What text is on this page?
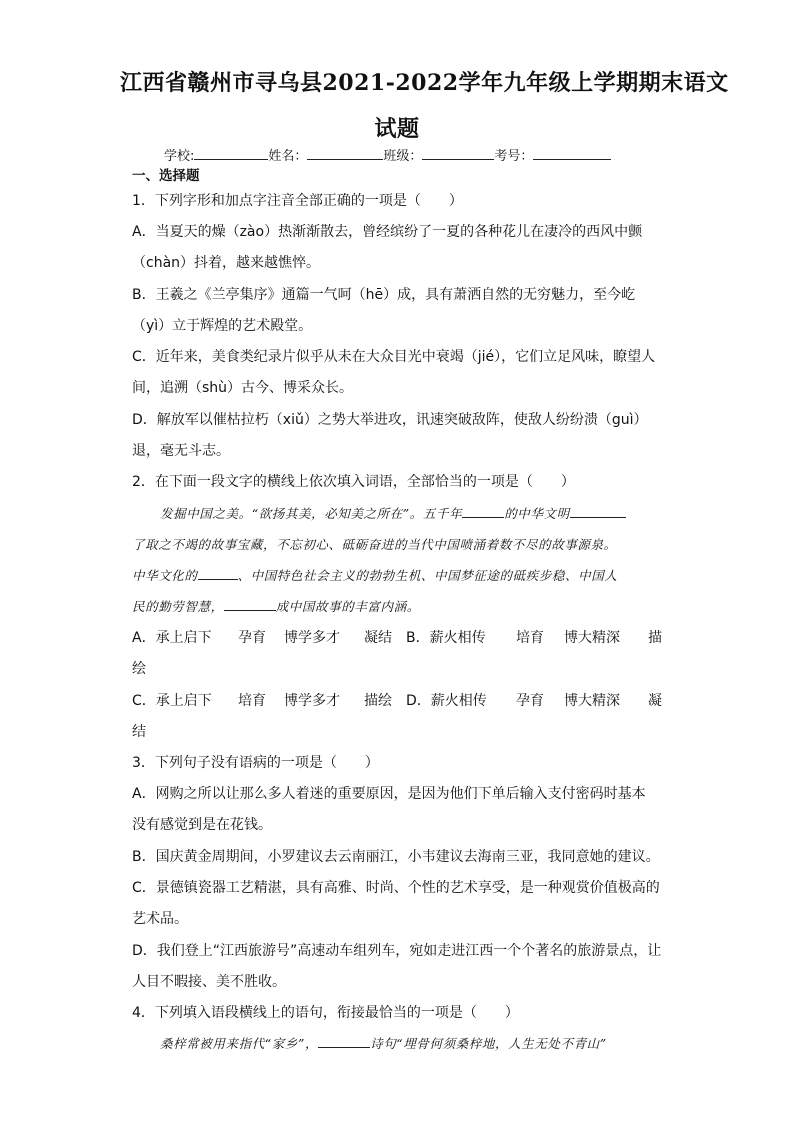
江西省赣州市寻乌县2021-2022学年九年级上学期期末语文
试题
学校:	姓名：	班级：	考号：
一、选择题
1．下列字形和加点字注音全部正确的一项是（　　）
A．当夏天的燥（zào）热渐渐散去，曾经缤纷了一夏的各种花儿在凄冷的西风中颤
（chàn）抖着，越来越憔悴。
B．王羲之《兰亭集序》通篇一气呵（hē）成，具有萧洒自然的无穷魅力，至今屹
（yì）立于辉煌的艺术殿堂。
C．近年来，美食类纪录片似乎从未在大众目光中衰竭（jié），它们立足风味，瞭望人
间，追溯（shù）古今、博采众长。
D．解放军以催枯拉朽（xiǔ）之势大举进攻，讯速突破敌阵，使敌人纷纷溃（guì）
退，毫无斗志。
2．在下面一段文字的横线上依次填入词语，全部恰当的一项是（　　）
发掘中国之美。“欲扬其美，必知美之所在”。五千年	的中华文明
了取之不竭的故事宝藏，不忘初心、砥砺奋进的当代中国喷涌着数不尽的故事源泉。
中华文化的	、中国特色社会主义的勃勃生机、中国梦征途的砥疾步稳、中国人
民的勤劳智慧，	成中国故事的丰富内涵。
A．承上启下 孕育 博学多才 凝结 B．薪火相传 培育 博大精深 描
绘
C．承上启下 培育 博学多才 描绘 D．薪火相传 孕育 博大精深 凝
结
3．下列句子没有语病的一项是（　　）
A．网购之所以让那么多人着迷的重要原因，是因为他们下单后输入支付密码时基本
没有感觉到是在花钱。
B．国庆黄金周期间，小罗建议去云南丽江，小韦建议去海南三亚，我同意她的建议。
C．景德镇瓷器工艺精湛，具有高雅、时尚、个性的艺术享受，是一种观赏价值极高的
艺术品。
D．我们登上“江西旅游号”高速动车组列车，宛如走进江西一个个著名的旅游景点，让
人目不暇接、美不胜收。
4．下列填入语段横线上的语句，衔接最恰当的一项是（　　）
桑梓常被用来指代“家乡”，	诗句“埋骨何须桑梓地，人生无处不青山”
